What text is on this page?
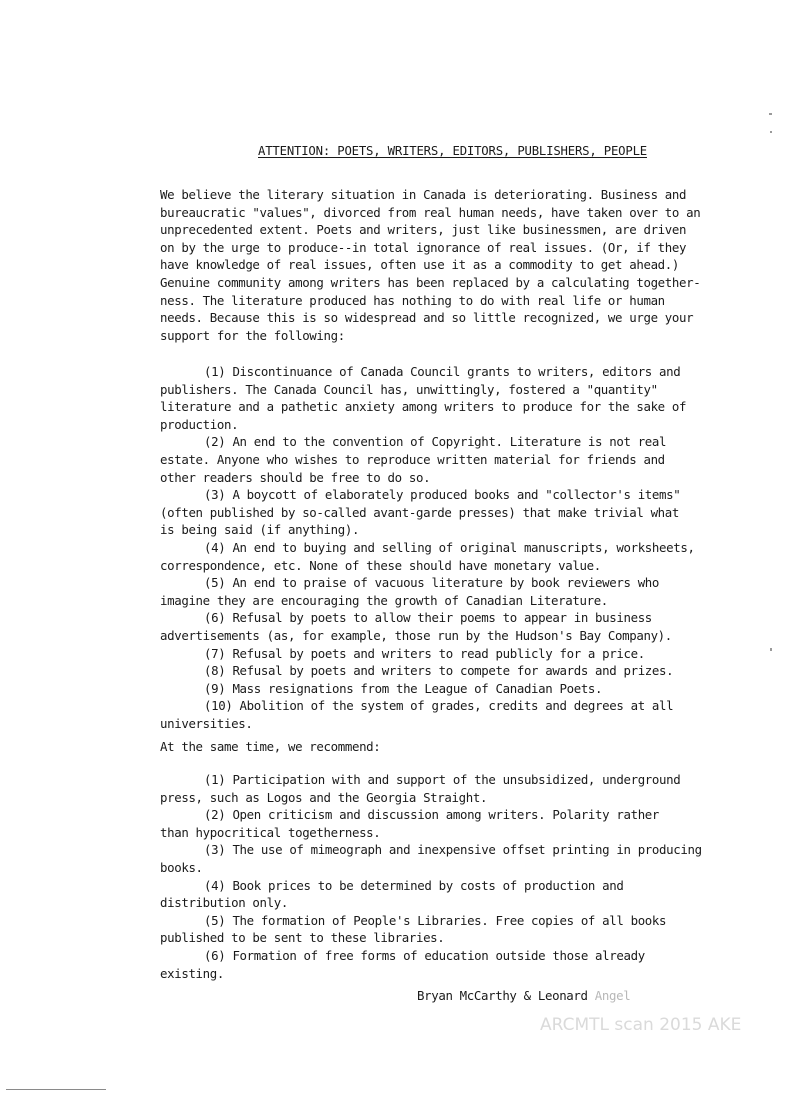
ATTENTION: POETS, WRITERS, EDITORS, PUBLISHERS, PEOPLE
We believe the literary situation in Canada is deteriorating. Business and
bureaucratic "values", divorced from real human needs, have taken over to an
unprecedented extent. Poets and writers, just like businessmen, are driven
on by the urge to produce--in total ignorance of real issues. (Or, if they
have knowledge of real issues, often use it as a commodity to get ahead.)
Genuine community among writers has been replaced by a calculating together-
ness. The literature produced has nothing to do with real life or human
needs. Because this is so widespread and so little recognized, we urge your
support for the following:
(1) Discontinuance of Canada Council grants to writers, editors and
publishers. The Canada Council has, unwittingly, fostered a "quantity"
literature and a pathetic anxiety among writers to produce for the sake of
production.
(2) An end to the convention of Copyright. Literature is not real
estate. Anyone who wishes to reproduce written material for friends and
other readers should be free to do so.
(3) A boycott of elaborately produced books and "collector's items"
(often published by so-called avant-garde presses) that make trivial what
is being said (if anything).
(4) An end to buying and selling of original manuscripts, worksheets,
correspondence, etc. None of these should have monetary value.
(5) An end to praise of vacuous literature by book reviewers who
imagine they are encouraging the growth of Canadian Literature.
(6) Refusal by poets to allow their poems to appear in business
advertisements (as, for example, those run by the Hudson's Bay Company).
(7) Refusal by poets and writers to read publicly for a price.
(8) Refusal by poets and writers to compete for awards and prizes.
(9) Mass resignations from the League of Canadian Poets.
(10) Abolition of the system of grades, credits and degrees at all
universities.
At the same time, we recommend:
(1) Participation with and support of the unsubsidized, underground
press, such as Logos and the Georgia Straight.
(2) Open criticism and discussion among writers. Polarity rather
than hypocritical togetherness.
(3) The use of mimeograph and inexpensive offset printing in producing
books.
(4) Book prices to be determined by costs of production and
distribution only.
(5) The formation of People's Libraries. Free copies of all books
published to be sent to these libraries.
(6) Formation of free forms of education outside those already
existing.
Bryan McCarthy & Leonard Angel
ARCMTL scan 2015 AKE
